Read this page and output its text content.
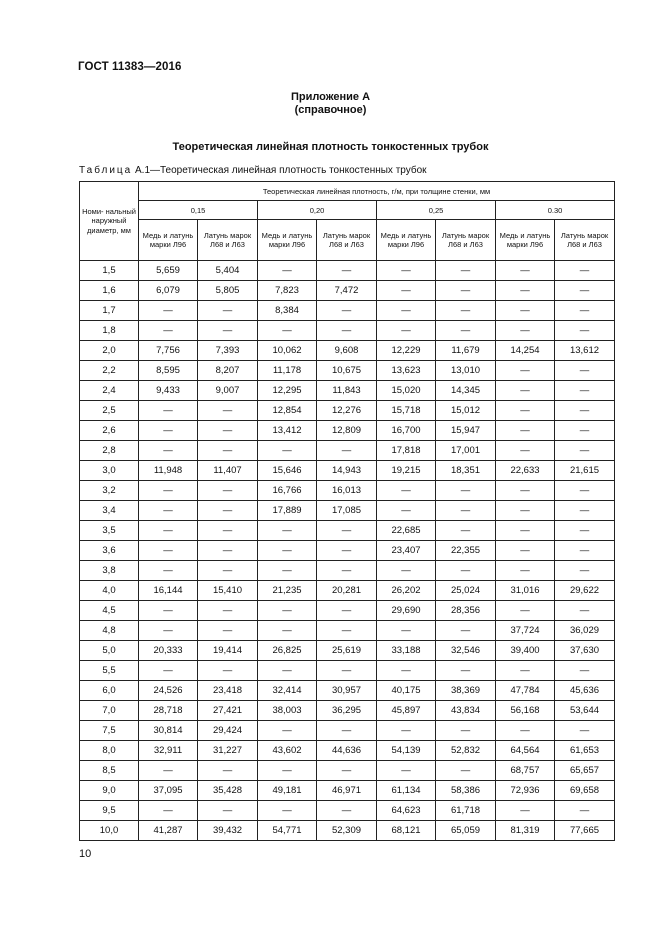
ГОСТ 11383—2016
Приложение А
(справочное)
Теоретическая линейная плотность тонкостенных трубок
Таблица А.1—Теоретическая линейная плотность тонкостенных трубок
Номи- нальный наружный диаметр, мм	Теоретическая линейная плотность, г/м, при толщине стенки, мм							
	0,15		0,20		0,25		0.30	
	Медь и латунь марки Л96	Латунь марок Л68 и Л63	Медь и латунь марки Л96	Латунь марок Л68 и Л63	Медь и латунь марки Л96	Латунь марок Л68 и Л63	Медь и латунь марки Л96	Латунь марок Л68 и Л63
1,5	5,659	5,404	—	—	—	—	—	—
1,6	6,079	5,805	7,823	7,472	—	—	—	—
1,7	—	—	8,384	—	—	—	—	—
1,8	—	—	—	—	—	—	—	—
2,0	7,756	7,393	10,062	9,608	12,229	11,679	14,254	13,612
2,2	8,595	8,207	11,178	10,675	13,623	13,010	—	—
2,4	9,433	9,007	12,295	11,843	15,020	14,345	—	—
2,5	—	—	12,854	12,276	15,718	15,012	—	—
2,6	—	—	13,412	12,809	16,700	15,947	—	—
2,8	—	—	—	—	17,818	17,001	—	—
3,0	11,948	11,407	15,646	14,943	19,215	18,351	22,633	21,615
3,2	—	—	16,766	16,013	—	—	—	—
3,4	—	—	17,889	17,085	—	—	—	—
3,5	—	—	—	—	22,685	—	—	—
3,6	—	—	—	—	23,407	22,355	—	—
3,8	—	—	—	—	—	—	—	—
4,0	16,144	15,410	21,235	20,281	26,202	25,024	31,016	29,622
4,5	—	—	—	—	29,690	28,356	—	—
4,8	—	—	—	—	—	—	37,724	36,029
5,0	20,333	19,414	26,825	25,619	33,188	32,546	39,400	37,630
5,5	—	—	—	—	—	—	—	—
6,0	24,526	23,418	32,414	30,957	40,175	38,369	47,784	45,636
7,0	28,718	27,421	38,003	36,295	45,897	43,834	56,168	53,644
7,5	30,814	29,424	—	—	—	—	—	—
8,0	32,911	31,227	43,602	44,636	54,139	52,832	64,564	61,653
8,5	—	—	—	—	—	—	68,757	65,657
9,0	37,095	35,428	49,181	46,971	61,134	58,386	72,936	69,658
9,5	—	—	—	—	64,623	61,718	—	—
10,0	41,287	39,432	54,771	52,309	68,121	65,059	81,319	77,665
10
